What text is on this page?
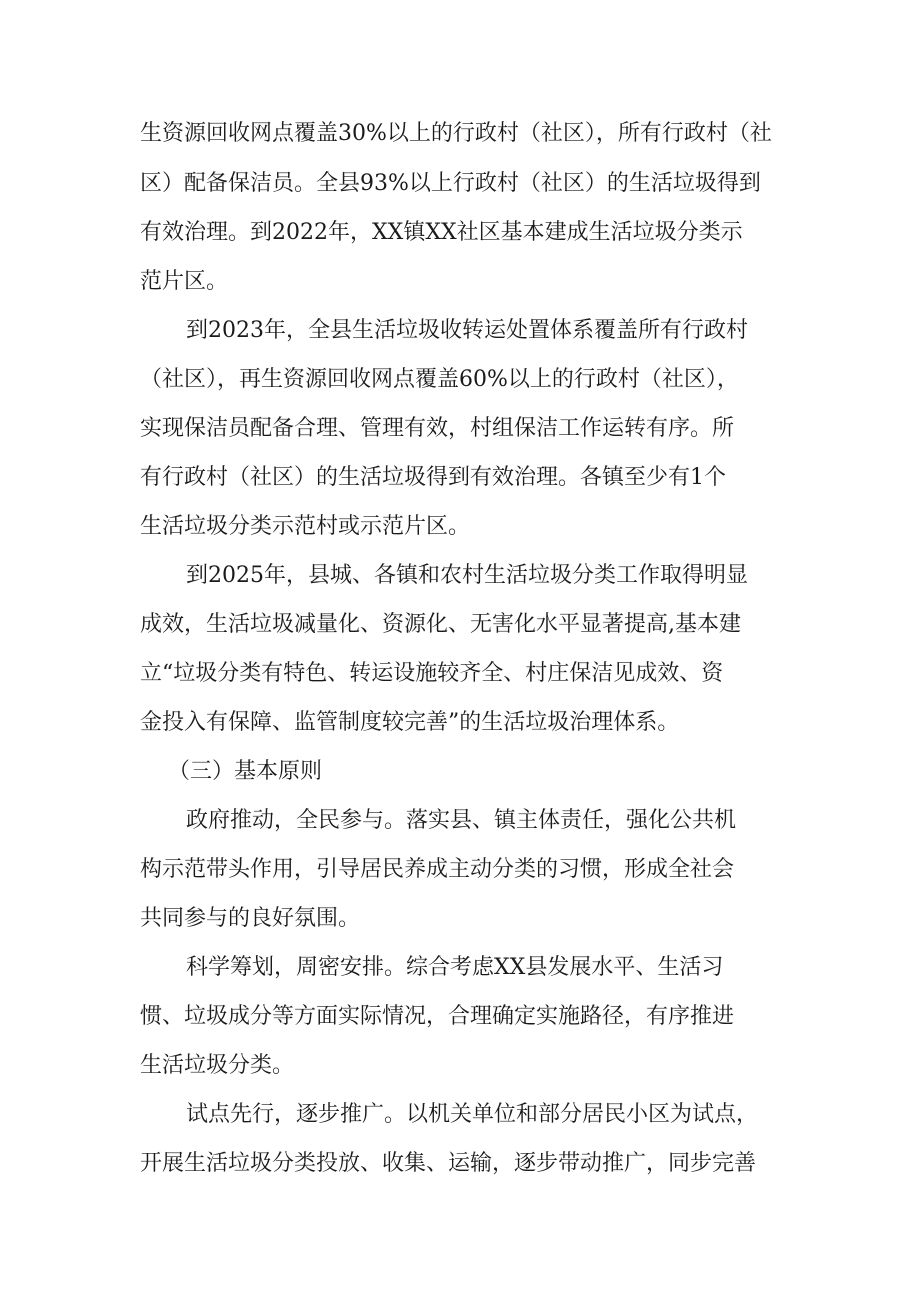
生资源回收网点覆盖30%以上的行政村（社区），所有行政村（社
区）配备保洁员。全县93%以上行政村（社区）的生活垃圾得到
有效治理。到2022年，XX镇XX社区基本建成生活垃圾分类示
范片区。
到2023年，全县生活垃圾收转运处置体系覆盖所有行政村
（社区），再生资源回收网点覆盖60%以上的行政村（社区），
实现保洁员配备合理、管理有效，村组保洁工作运转有序。所
有行政村（社区）的生活垃圾得到有效治理。各镇至少有1个
生活垃圾分类示范村或示范片区。
到2025年，县城、各镇和农村生活垃圾分类工作取得明显
成效，生活垃圾减量化、资源化、无害化水平显著提高,基本建
立“垃圾分类有特色、转运设施较齐全、村庄保洁见成效、资
金投入有保障、监管制度较完善”的生活垃圾治理体系。
（三）基本原则
政府推动，全民参与。落实县、镇主体责任，强化公共机
构示范带头作用，引导居民养成主动分类的习惯，形成全社会
共同参与的良好氛围。
科学筹划，周密安排。综合考虑XX县发展水平、生活习
惯、垃圾成分等方面实际情况，合理确定实施路径，有序推进
生活垃圾分类。
试点先行，逐步推广。以机关单位和部分居民小区为试点，
开展生活垃圾分类投放、收集、运输，逐步带动推广，同步完善
